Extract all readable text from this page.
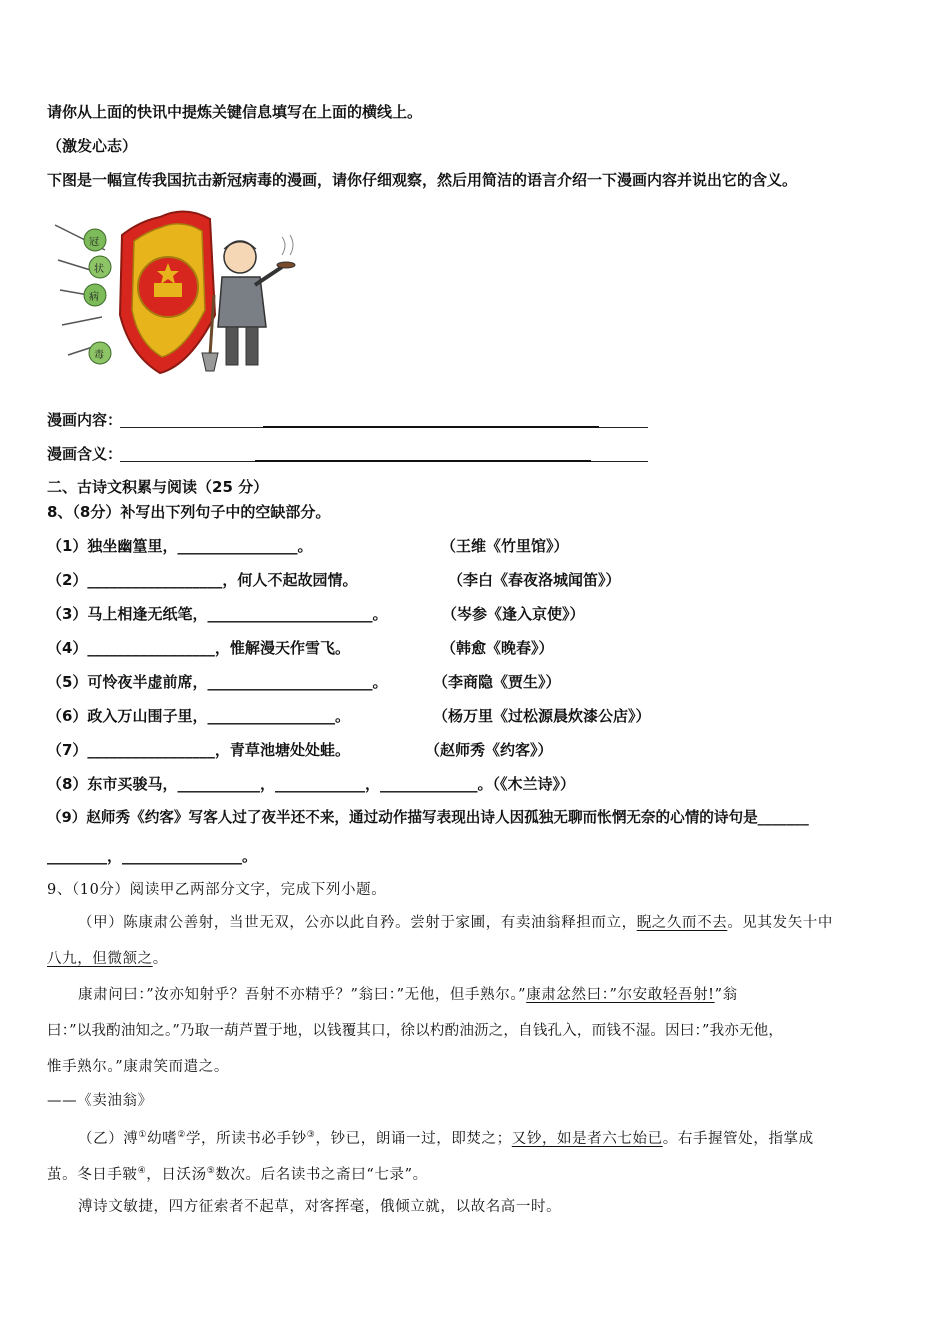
请你从上面的快讯中提炼关键信息填写在上面的横线上。
（激发心志）
下图是一幅宣传我国抗击新冠病毒的漫画，请你仔细观察，然后用简洁的语言介绍一下漫画内容并说出它的含义。
冠
状
病
毒
漫画内容：
漫画含义：
二、古诗文积累与阅读（25 分）
8、（8分）补写出下列句子中的空缺部分。
（1）独坐幽篁里，________________。	（王维《竹里馆》）
（2）__________________，何人不起故园情。	（李白《春夜洛城闻笛》）
（3）马上相逢无纸笔，______________________。	（岑参《逢入京使》）
（4）_________________，惟解漫天作雪飞。	（韩愈《晚春》）
（5）可怜夜半虚前席，______________________。	（李商隐《贾生》）
（6）政入万山围子里，_________________。	（杨万里《过松源晨炊漆公店》）
（7）_________________，青草池塘处处蛙。	（赵师秀《约客》）
（8）东市买骏马，___________，____________，_____________。（《木兰诗》）
（9）赵师秀《约客》写客人过了夜半还不来，通过动作描写表现出诗人因孤独无聊而怅惘无奈的心情的诗句是_______
________，________________。
9、（10分）阅读甲乙两部分文字，完成下列小题。
（甲）陈康肃公善射，当世无双，公亦以此自矜。尝射于家圃，有卖油翁释担而立，睨之久而不去。见其发矢十中
八九，但微颔之。
康肃问曰：”汝亦知射乎？吾射不亦精乎？”翁曰：”无他，但手熟尔。”康肃忿然曰：”尔安敢轻吾射!”翁
曰：”以我酌油知之。”乃取一葫芦置于地，以钱覆其口，徐以杓酌油沥之，自钱孔入，而钱不湿。因曰：”我亦无他，
惟手熟尔。”康肃笑而遣之。
——《卖油翁》
（乙）溥①幼嗜②学，所读书必手钞③，钞已，朗诵一过，即焚之；又钞，如是者六七始已。右手握管处，指掌成
茧。冬日手皲④，日沃汤⑤数次。后名读书之斋曰“七录”。
溥诗文敏捷，四方征索者不起草，对客挥毫，俄倾立就，以故名高一时。
